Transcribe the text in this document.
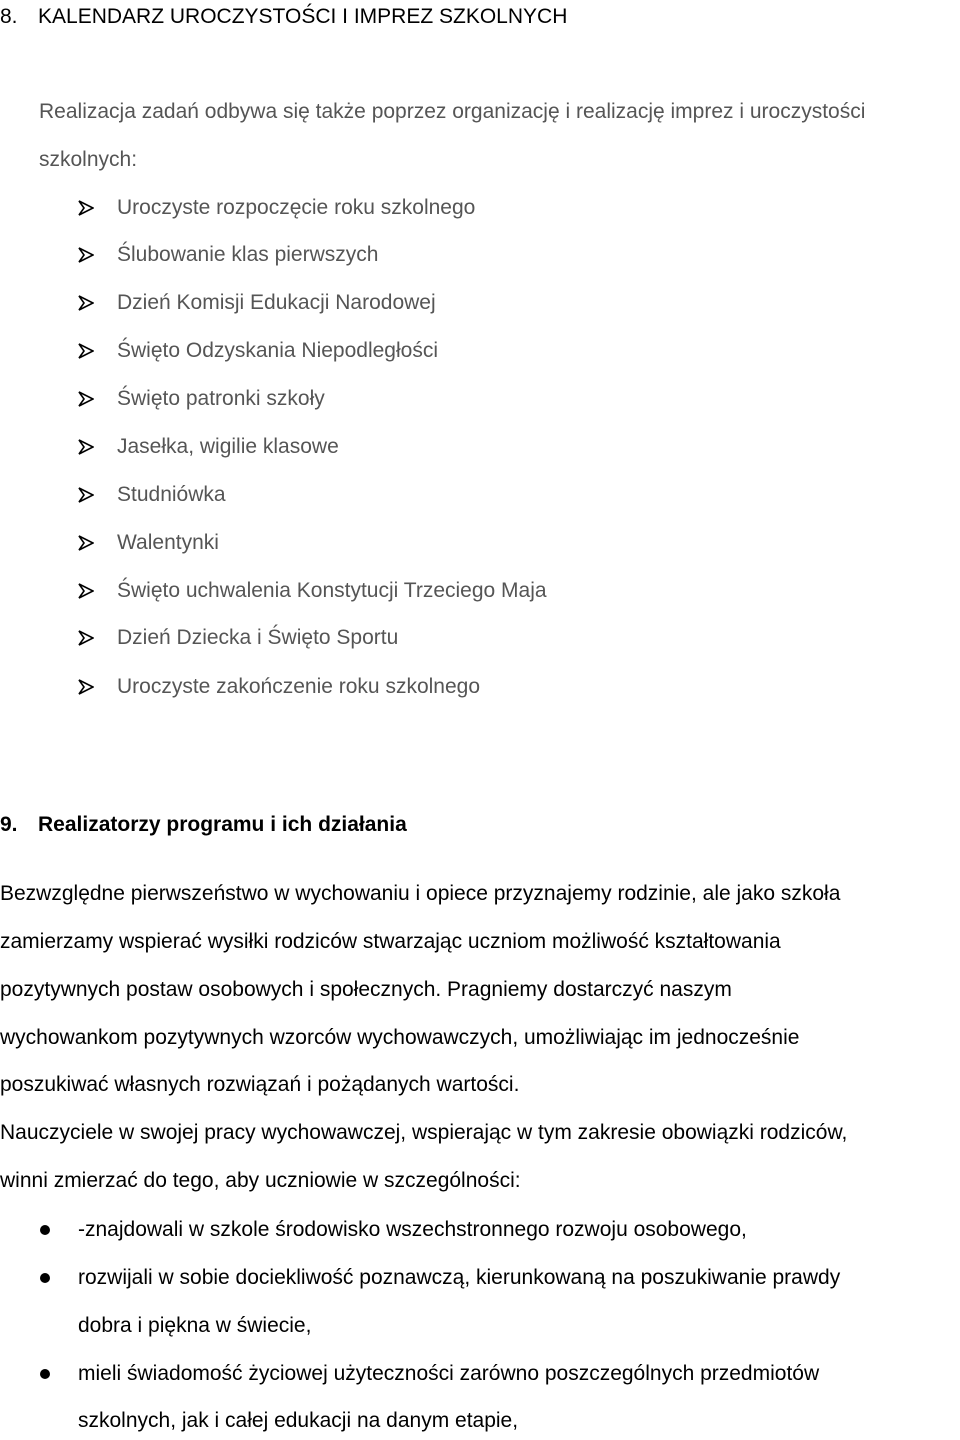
8. KALENDARZ UROCZYSTOŚCI I IMPREZ SZKOLNYCH
Realizacja zadań odbywa się także poprzez organizację i realizację imprez i uroczystości
szkolnych:
Uroczyste rozpoczęcie roku szkolnego
Ślubowanie klas pierwszych
Dzień Komisji Edukacji Narodowej
Święto Odzyskania Niepodległości
Święto patronki szkoły
Jasełka, wigilie klasowe
Studniówka
Walentynki
Święto uchwalenia Konstytucji Trzeciego Maja
Dzień Dziecka i Święto Sportu
Uroczyste zakończenie roku szkolnego
9. Realizatorzy programu i ich działania
Bezwzględne pierwszeństwo w wychowaniu i opiece przyznajemy rodzinie, ale jako szkoła
zamierzamy wspierać wysiłki rodziców stwarzając uczniom możliwość kształtowania
pozytywnych postaw osobowych i społecznych. Pragniemy dostarczyć naszym
wychowankom pozytywnych wzorców wychowawczych, umożliwiając im jednocześnie
poszukiwać własnych rozwiązań i pożądanych wartości.
Nauczyciele w swojej pracy wychowawczej, wspierając w tym zakresie obowiązki rodziców,
winni zmierzać do tego, aby uczniowie w szczególności:
-znajdowali w szkole środowisko wszechstronnego rozwoju osobowego,
rozwijali w sobie dociekliwość poznawczą, kierunkowaną na poszukiwanie prawdy
dobra i piękna w świecie,
mieli świadomość życiowej użyteczności zarówno poszczególnych przedmiotów
szkolnych, jak i całej edukacji na danym etapie,
